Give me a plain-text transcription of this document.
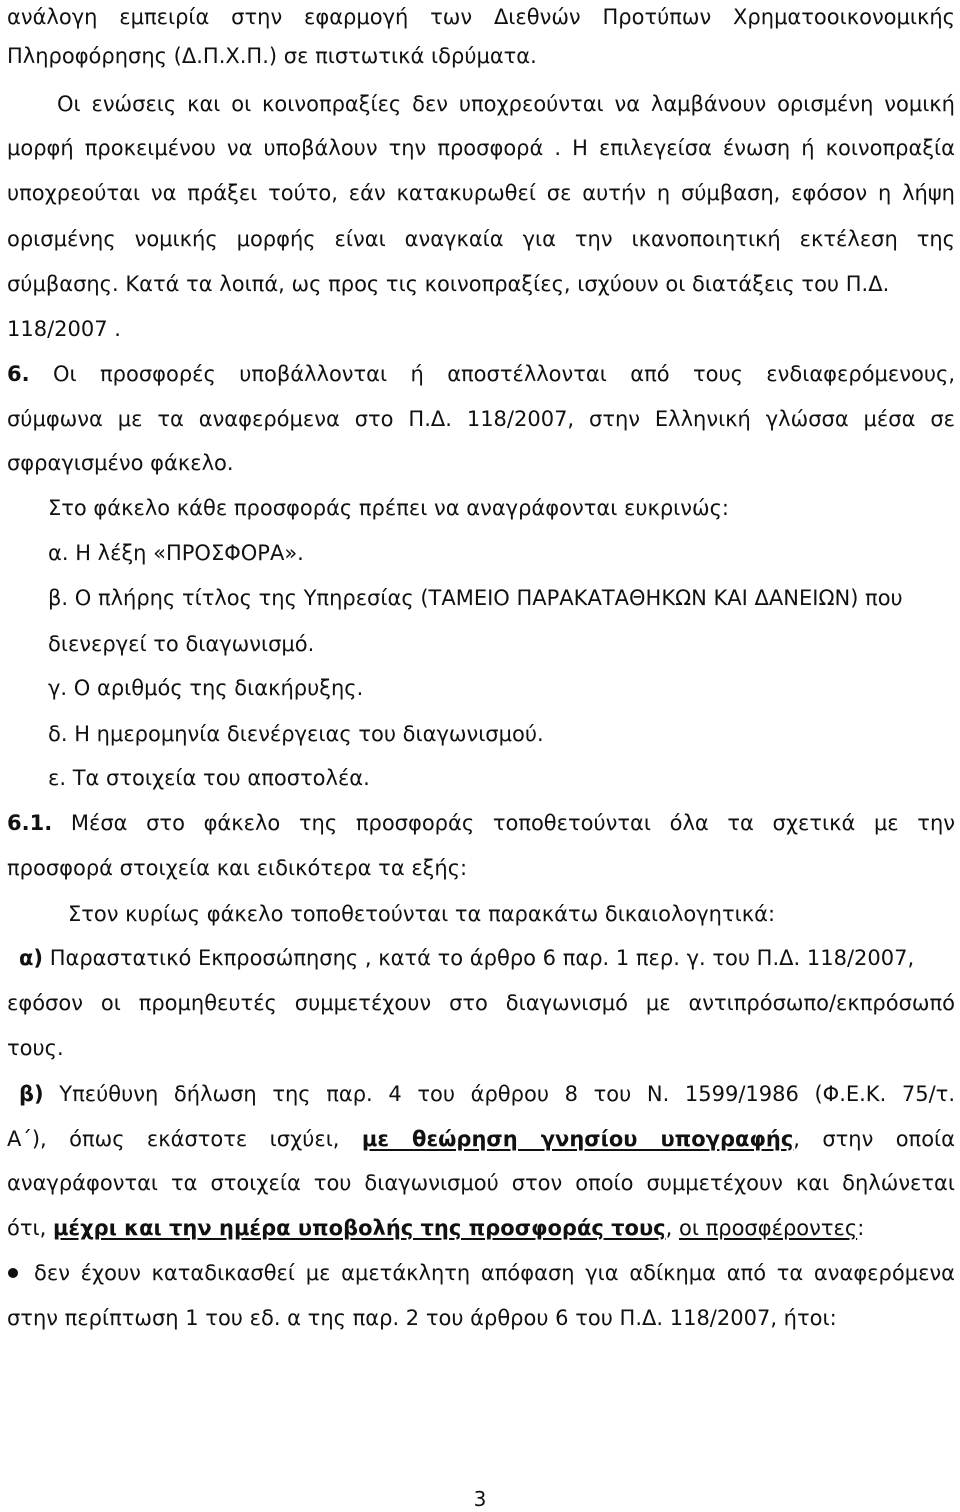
ανάλογη εμπειρία στην εφαρμογή των Διεθνών Προτύπων Χρηματοοικονομικής
Πληροφόρησης (Δ.Π.Χ.Π.) σε πιστωτικά ιδρύματα.
Οι ενώσεις και οι κοινοπραξίες δεν υποχρεούνται να λαμβάνουν ορισμένη νομική
μορφή προκειμένου να υποβάλουν την προσφορά . Η επιλεγείσα ένωση ή κοινοπραξία
υποχρεούται να πράξει τούτο, εάν κατακυρωθεί σε αυτήν η σύμβαση, εφόσον η λήψη
ορισμένης νομικής μορφής είναι αναγκαία για την ικανοποιητική εκτέλεση της
σύμβασης. Κατά τα λοιπά, ως προς τις κοινοπραξίες, ισχύουν οι διατάξεις του Π.Δ.
118/2007 .
6. Οι προσφορές υποβάλλονται ή αποστέλλονται από τους ενδιαφερόμενους,
σύμφωνα με τα αναφερόμενα στο Π.Δ. 118/2007, στην Ελληνική γλώσσα μέσα σε
σφραγισμένο φάκελο.
Στο φάκελο κάθε προσφοράς πρέπει να αναγράφονται ευκρινώς:
α. Η λέξη «ΠΡΟΣΦΟΡΑ».
β. Ο πλήρης τίτλος της Υπηρεσίας (ΤΑΜΕΙΟ ΠΑΡΑΚΑΤΑΘΗΚΩΝ ΚΑΙ ΔΑΝΕΙΩΝ) που
διενεργεί το διαγωνισμό.
γ. Ο αριθμός της διακήρυξης.
δ. Η ημερομηνία διενέργειας του διαγωνισμού.
ε. Τα στοιχεία του αποστολέα.
6.1. Μέσα στο φάκελο της προσφοράς τοποθετούνται όλα τα σχετικά με την
προσφορά στοιχεία και ειδικότερα τα εξής:
Στον κυρίως φάκελο τοποθετούνται τα παρακάτω δικαιολογητικά:
α) Παραστατικό Εκπροσώπησης , κατά το άρθρο 6 παρ. 1 περ. γ. του Π.Δ. 118/2007,
εφόσον οι προμηθευτές συμμετέχουν στο διαγωνισμό με αντιπρόσωπο/εκπρόσωπό
τους.
β) Υπεύθυνη δήλωση της παρ. 4 του άρθρου 8 του Ν. 1599/1986 (Φ.Ε.Κ. 75/τ.
Α΄), όπως εκάστοτε ισχύει, με θεώρηση γνησίου υπογραφής, στην οποία
αναγράφονται τα στοιχεία του διαγωνισμού στον οποίο συμμετέχουν και δηλώνεται
ότι, μέχρι και την ημέρα υποβολής της προσφοράς τους, οι προσφέροντες:
δεν έχουν καταδικασθεί με αμετάκλητη απόφαση για αδίκημα από τα αναφερόμενα
στην περίπτωση 1 του εδ. α της παρ. 2 του άρθρου 6 του Π.Δ. 118/2007, ήτοι:
3
